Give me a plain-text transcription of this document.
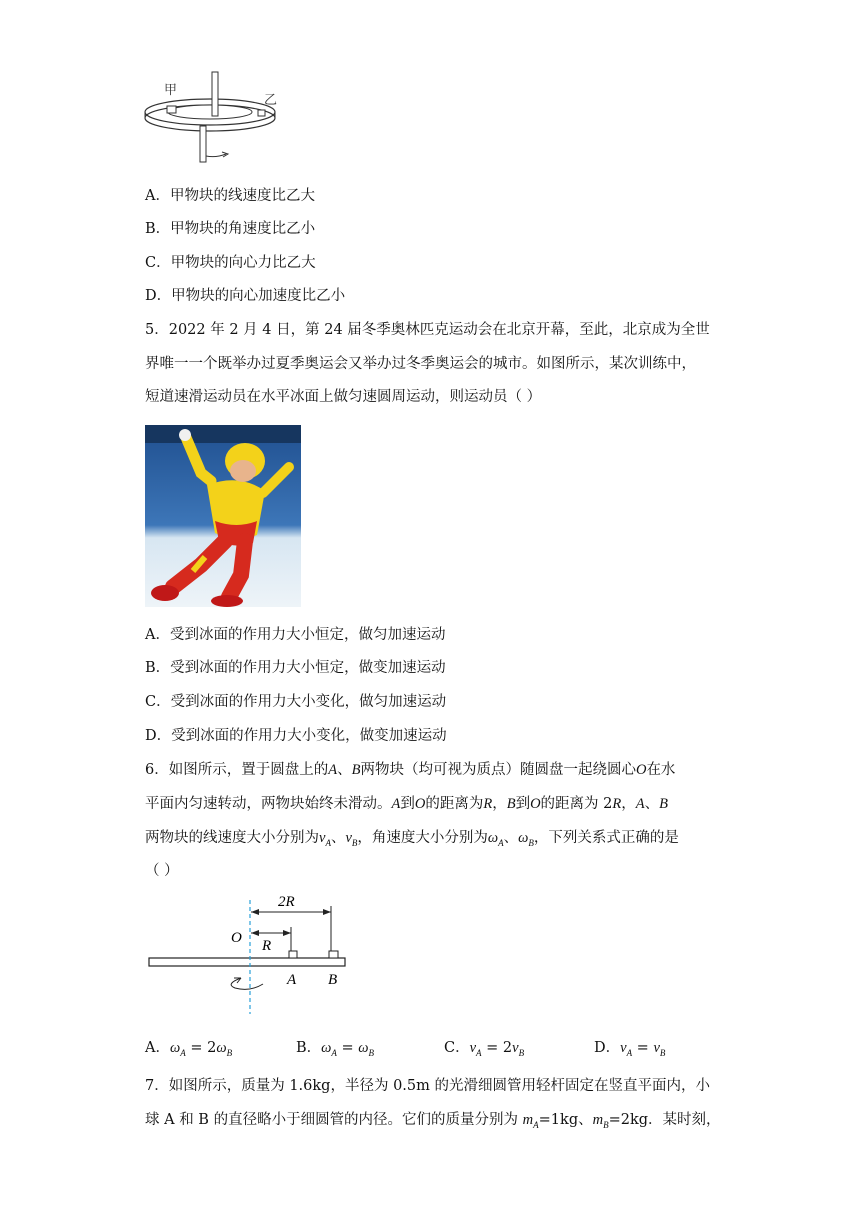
甲
乙
A．甲物块的线速度比乙大
B．甲物块的角速度比乙小
C．甲物块的向心力比乙大
D．甲物块的向心加速度比乙小
5．2022 年 2 月 4 日，第 24 届冬季奥林匹克运动会在北京开幕，至此，北京成为全世
界唯一一个既举办过夏季奥运会又举办过冬季奥运会的城市。如图所示，某次训练中，
短道速滑运动员在水平冰面上做匀速圆周运动，则运动员（ ）
A．受到冰面的作用力大小恒定，做匀加速运动
B．受到冰面的作用力大小恒定，做变加速运动
C．受到冰面的作用力大小变化，做匀加速运动
D．受到冰面的作用力大小变化，做变加速运动
6．如图所示，置于圆盘上的A、B两物块（均可视为质点）随圆盘一起绕圆心O在水
平面内匀速转动，两物块始终未滑动。A到O的距离为R，B到O的距离为 2R，A、B
两物块的线速度大小分别为$v_A$、$v_B$，角速度大小分别为$\omega_A$、$\omega_B$，下列关系式正确的是
（ ）
2R
R
O
A B
A．$\omega_A = 2\omega_B$	B．$\omega_A = \omega_B$	C．$v_A = 2v_B$	D．$v_A = v_B$
7．如图所示，质量为 1.6kg，半径为 0.5m 的光滑细圆管用轻杆固定在竖直平面内，小
球 A 和 B 的直径略小于细圆管的内径。它们的质量分别为 $m_A=1kg$、$m_B=2kg$．某时刻，
